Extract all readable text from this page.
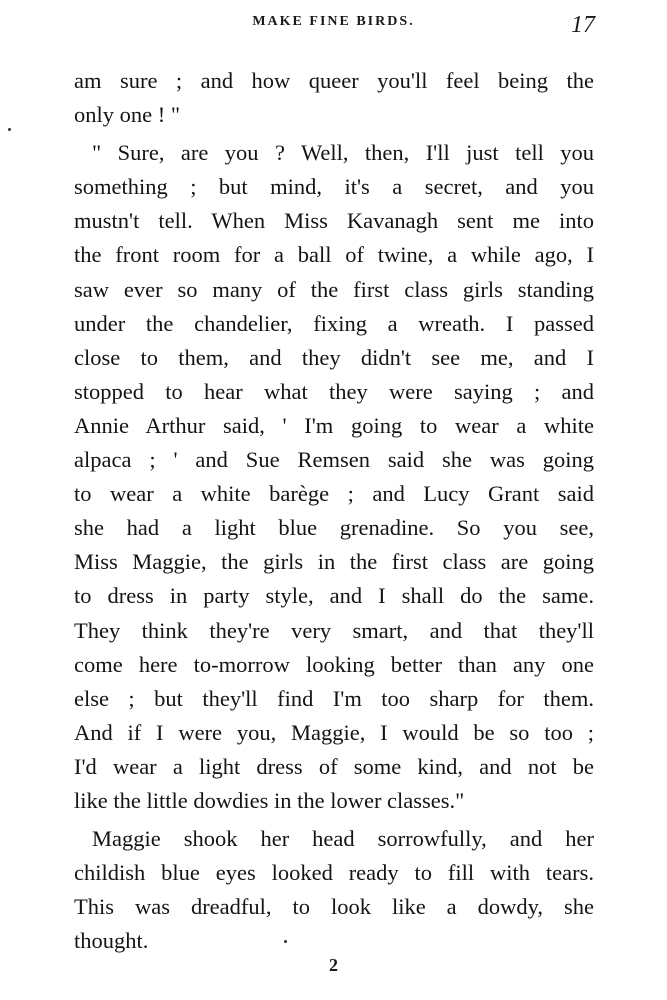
MAKE FINE BIRDS.	17
am sure ; and how queer you'll feel being the
only one ! "
" Sure, are you ? Well, then, I'll just tell you
something ; but mind, it's a secret, and you
mustn't tell. When Miss Kavanagh sent me into
the front room for a ball of twine, a while ago, I
saw ever so many of the first class girls standing
under the chandelier, fixing a wreath. I passed
close to them, and they didn't see me, and I
stopped to hear what they were saying ; and
Annie Arthur said, ' I'm going to wear a white
alpaca ; ' and Sue Remsen said she was going
to wear a white barège ; and Lucy Grant said
she had a light blue grenadine. So you see,
Miss Maggie, the girls in the first class are going
to dress in party style, and I shall do the same.
They think they're very smart, and that they'll
come here to-morrow looking better than any one
else ; but they'll find I'm too sharp for them.
And if I were you, Maggie, I would be so too ;
I'd wear a light dress of some kind, and not be
like the little dowdies in the lower classes."
Maggie shook her head sorrowfully, and her
childish blue eyes looked ready to fill with tears.
This was dreadful, to look like a dowdy, she
thought.
2
